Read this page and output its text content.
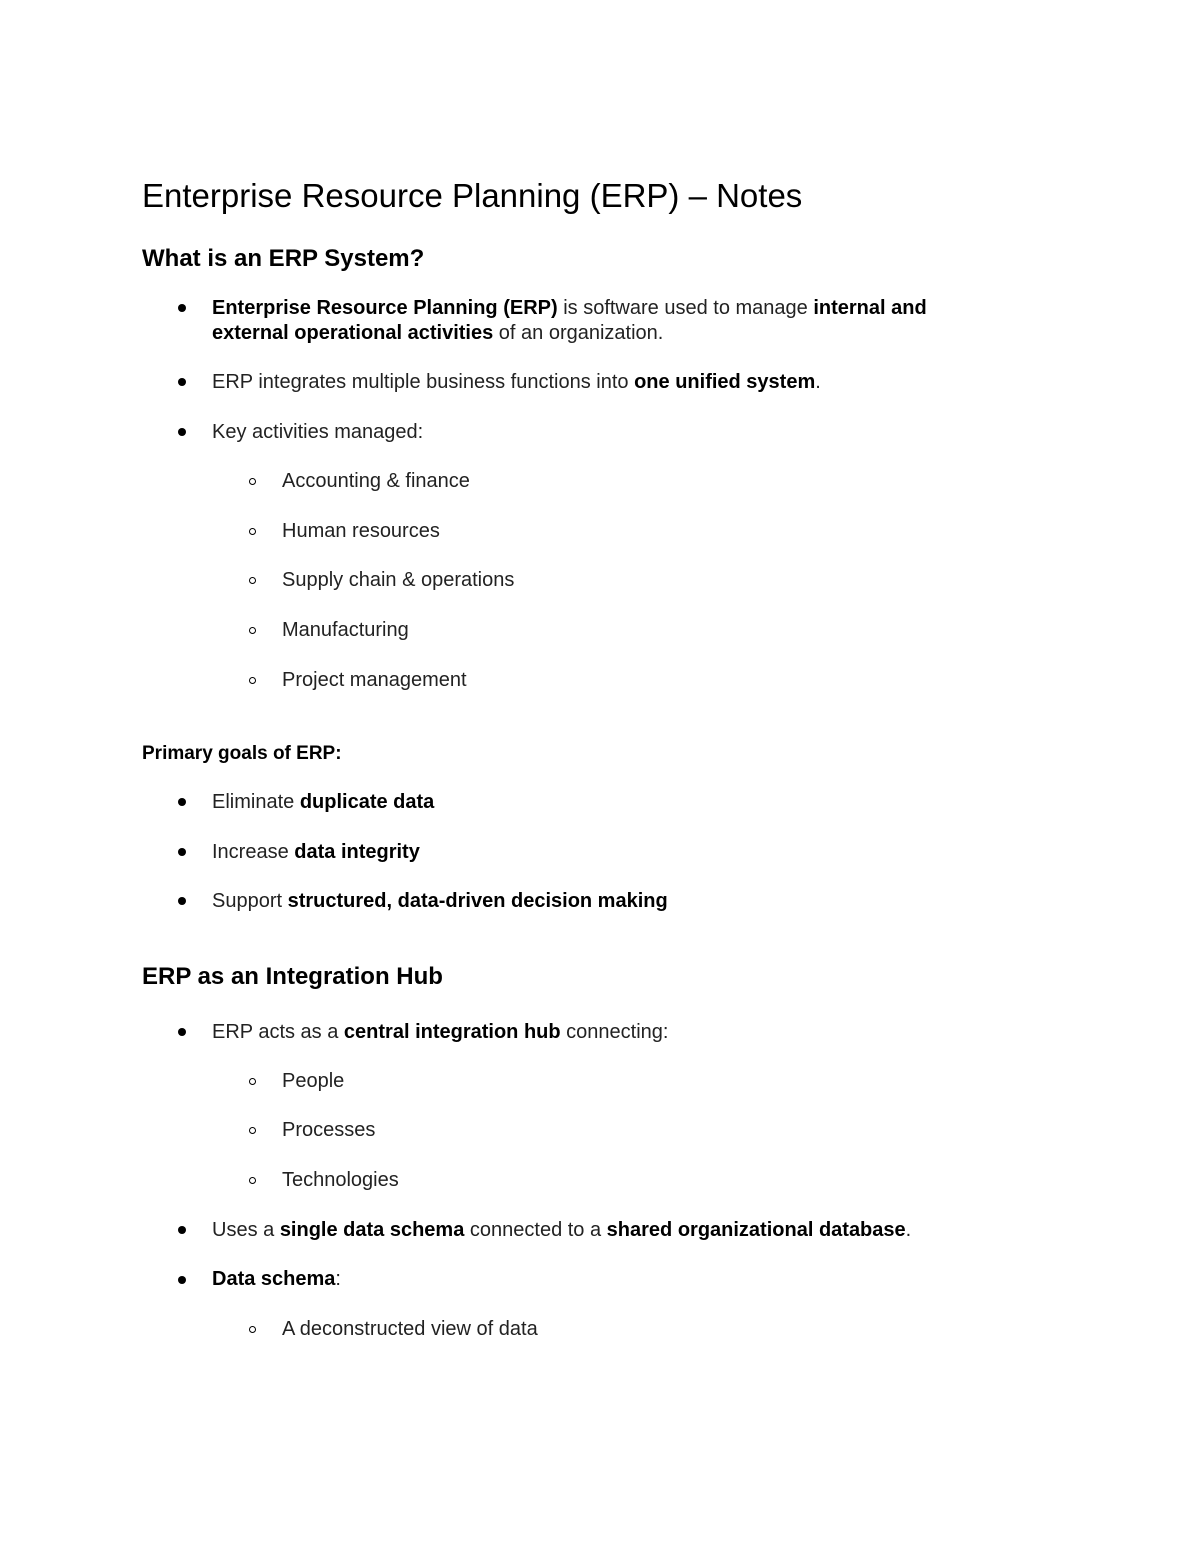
Enterprise Resource Planning (ERP) – Notes
What is an ERP System?
Enterprise Resource Planning (ERP) is software used to manage internal and
external operational activities of an organization.
ERP integrates multiple business functions into one unified system.
Key activities managed:
Accounting & finance
Human resources
Supply chain & operations
Manufacturing
Project management
Primary goals of ERP:
Eliminate duplicate data
Increase data integrity
Support structured, data-driven decision making
ERP as an Integration Hub
ERP acts as a central integration hub connecting:
People
Processes
Technologies
Uses a single data schema connected to a shared organizational database.
Data schema:
A deconstructed view of data
